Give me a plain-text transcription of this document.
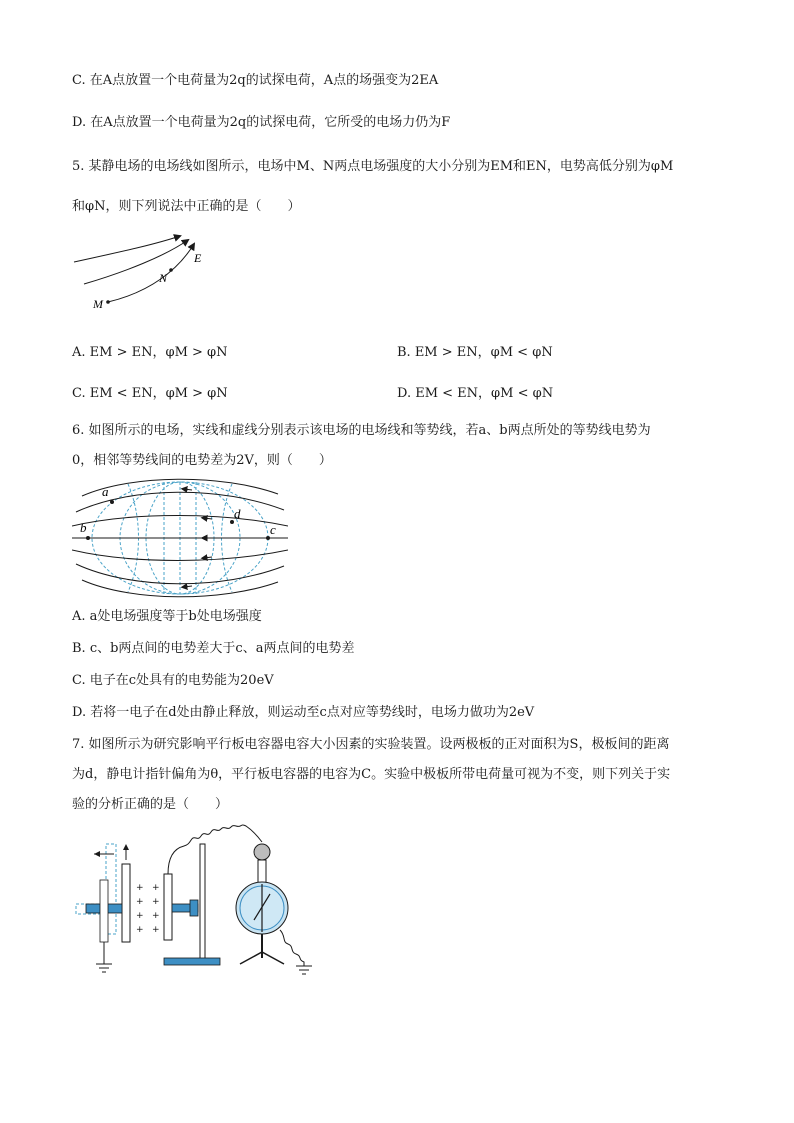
C. 在A点放置一个电荷量为2q的试探电荷，A点的场强变为2EA
D. 在A点放置一个电荷量为2q的试探电荷，它所受的电场力仍为F
5. 某静电场的电场线如图所示，电场中M、N两点电场强度的大小分别为EM和EN，电势高低分别为φM
和φN，则下列说法中正确的是（　　）
E
N
M
A. EM > EN，φM > φN	B. EM > EN，φM < φN
C. EM < EN，φM > φN	D. EM < EN，φM < φN
6. 如图所示的电场，实线和虚线分别表示该电场的电场线和等势线，若a、b两点所处的等势线电势为
0，相邻等势线间的电势差为2V，则（　　）
a
b	c
d
A. a处电场强度等于b处电场强度
B. c、b两点间的电势差大于c、a两点间的电势差
C. 电子在c处具有的电势能为20eV
D. 若将一电子在d处由静止释放，则运动至c点对应等势线时，电场力做功为2eV
7. 如图所示为研究影响平行板电容器电容大小因素的实验装置。设两极板的正对面积为S，极板间的距离
为d，静电计指针偏角为θ，平行板电容器的电容为C。实验中极板所带电荷量可视为不变，则下列关于实
验的分析正确的是（　　）
+
+
+
+
+
+
+
+
